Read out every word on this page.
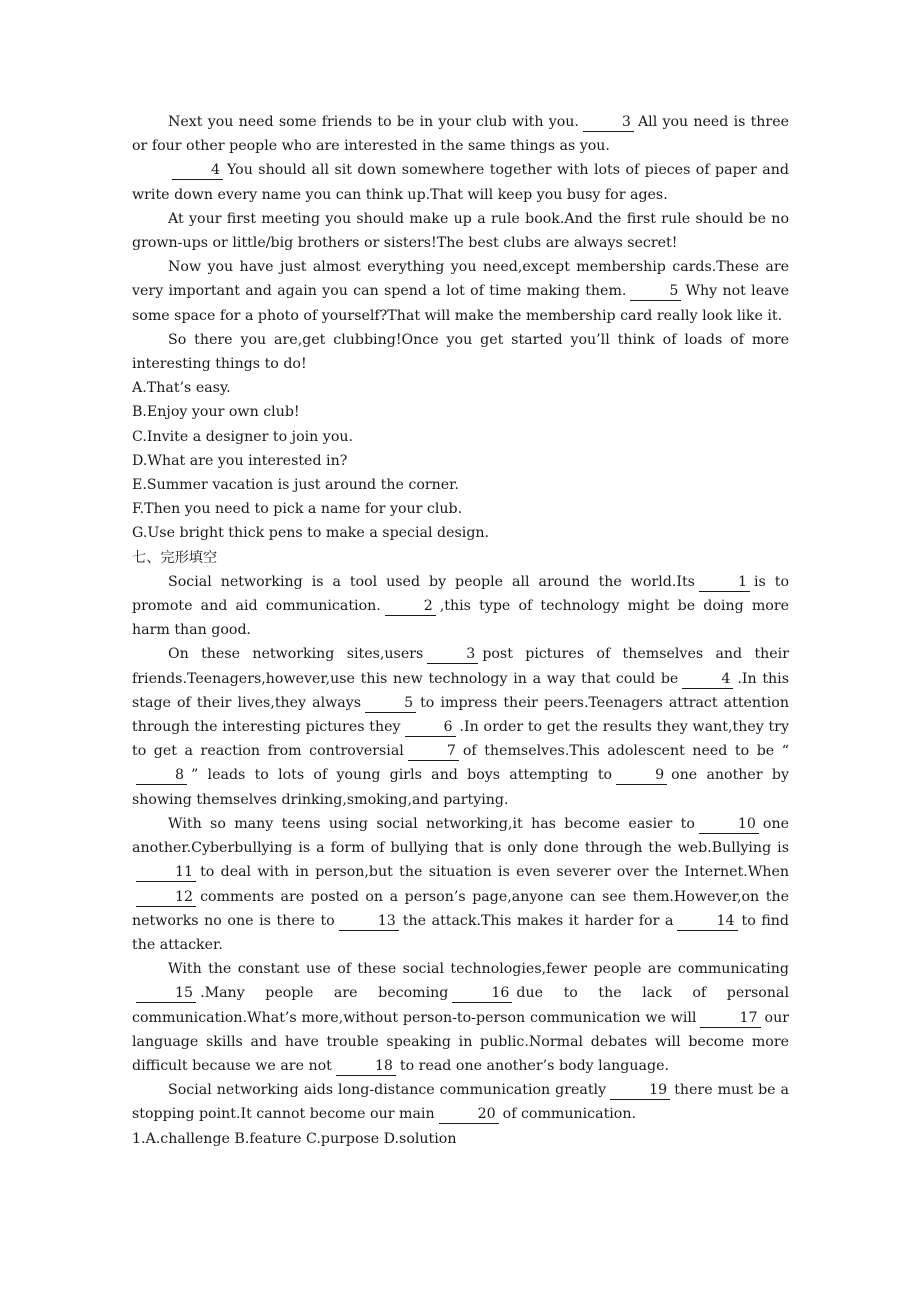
Next you need some friends to be in your club with you.	3 All you need is three or four other people who are interested in the same things as you.

4 You should all sit down somewhere together with lots of pieces of paper and write down every name you can think up.That will keep you busy for ages.

At your first meeting you should make up a rule book.And the first rule should be no grown-ups or little/big brothers or sisters!The best clubs are always secret!

Now you have just almost everything you need,except membership cards.These are very important and again you can spend a lot of time making them.	5 Why not leave some space for a photo of yourself?That will make the membership card really look like it.

So there you are,get clubbing!Once you get started you’ll think of loads of more interesting things to do!

A.That’s easy.

B.Enjoy your own club!

C.Invite a designer to join you.

D.What are you interested in?

E.Summer vacation is just around the corner.

F.Then you need to pick a name for your club.

G.Use bright thick pens to make a special design.

七、完形填空

Social networking is a tool used by people all around the world.Its	1 is to promote and aid communication.	2 ,this type of technology might be doing more harm than good.

On these networking sites,users	3 post pictures of themselves and their friends.Teenagers,however,use this new technology in a way that could be	4 .In this stage of their lives,they always	5 to impress their peers.Teenagers attract attention through the interesting pictures they	6 .In order to get the results they want,they try to get a reaction from controversial	7 of themselves.This adolescent need to be “8 ” leads to lots of young girls and boys attempting to	9 one another by showing themselves drinking,smoking,and partying.

With so many teens using social networking,it has become easier to	10 one another.Cyberbullying is a form of bullying that is only done through the web.Bullying is11 to deal with in person,but the situation is even severer over the Internet.When12 comments are posted on a person’s page,anyone can see them.However,on the networks no one is there to	13 the attack.This makes it harder for a	14 to find the attacker.

With the constant use of these social technologies,fewer people are communicating15 .Many people are becoming	16 due to the lack of personal communication.What’s more,without person-to-person communication we will	17 our language skills and have trouble speaking in public.Normal debates will become more difficult because we are not	18 to read one another’s body language.

Social networking aids long-distance communication greatly	19 there must be a stopping point.It cannot become our main	20 of communication.

1.A.challenge B.feature C.purpose D.solution
